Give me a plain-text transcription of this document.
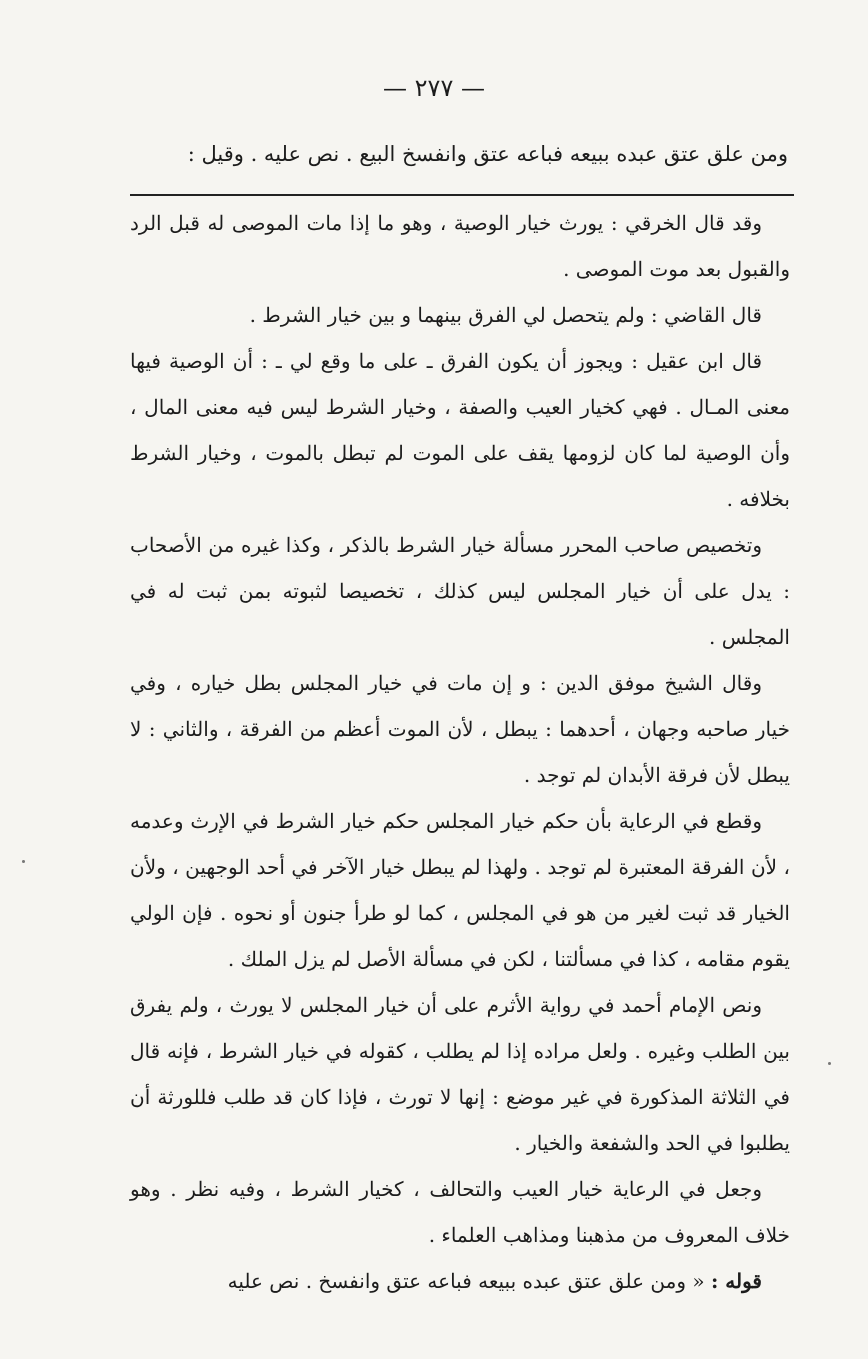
— ٢٧٧ —
ومن علق عتق عبده ببيعه فباعه عتق وانفسخ البيع . نص عليه . وقيل :

وقد قال الخرقي : يورث خيار الوصية ، وهو ما إذا مات الموصى له قبل الرد والقبول بعد موت الموصى .

قال القاضي : ولم يتحصل لي الفرق بينهما و بين خيار الشرط .

قال ابن عقيل : ويجوز أن يكون الفرق ـ على ما وقع لي ـ : أن الوصية فيها معنى المـال . فهي كخيار العيب والصفة ، وخيار الشرط ليس فيه معنى المال ، وأن الوصية لما كان لزومها يقف على الموت لم تبطل بالموت ، وخيار الشرط بخلافه .

وتخصيص صاحب المحرر مسألة خيار الشرط بالذكر ، وكذا غيره من الأصحاب : يدل على أن خيار المجلس ليس كذلك ، تخصيصا لثبوته بمن ثبت له في المجلس .

وقال الشيخ موفق الدين : و إن مات في خيار المجلس بطل خياره ، وفي خيار صاحبه وجهان ، أحدهما : يبطل ، لأن الموت أعظم من الفرقة ، والثاني : لا يبطل لأن فرقة الأبدان لم توجد .

وقطع في الرعاية بأن حكم خيار المجلس حكم خيار الشرط في الإرث وعدمه ، لأن الفرقة المعتبرة لم توجد . ولهذا لم يبطل خيار الآخر في أحد الوجهين ، ولأن الخيار قد ثبت لغير من هو في المجلس ، كما لو طرأ جنون أو نحوه . فإن الولي يقوم مقامه ، كذا في مسألتنا ، لكن في مسألة الأصل لم يزل الملك .

ونص الإمام أحمد في رواية الأثرم على أن خيار المجلس لا يورث ، ولم يفرق بين الطلب وغيره . ولعل مراده إذا لم يطلب ، كقوله في خيار الشرط ، فإنه قال في الثلاثة المذكورة في غير موضع : إنها لا تورث ، فإذا كان قد طلب فللورثة أن يطلبوا في الحد والشفعة والخيار .

وجعل في الرعاية خيار العيب والتحالف ، كخيار الشرط ، وفيه نظر . وهو خلاف المعروف من مذهبنا ومذاهب العلماء .

قوله : « ومن علق عتق عبده ببيعه فباعه عتق وانفسخ . نص عليه
